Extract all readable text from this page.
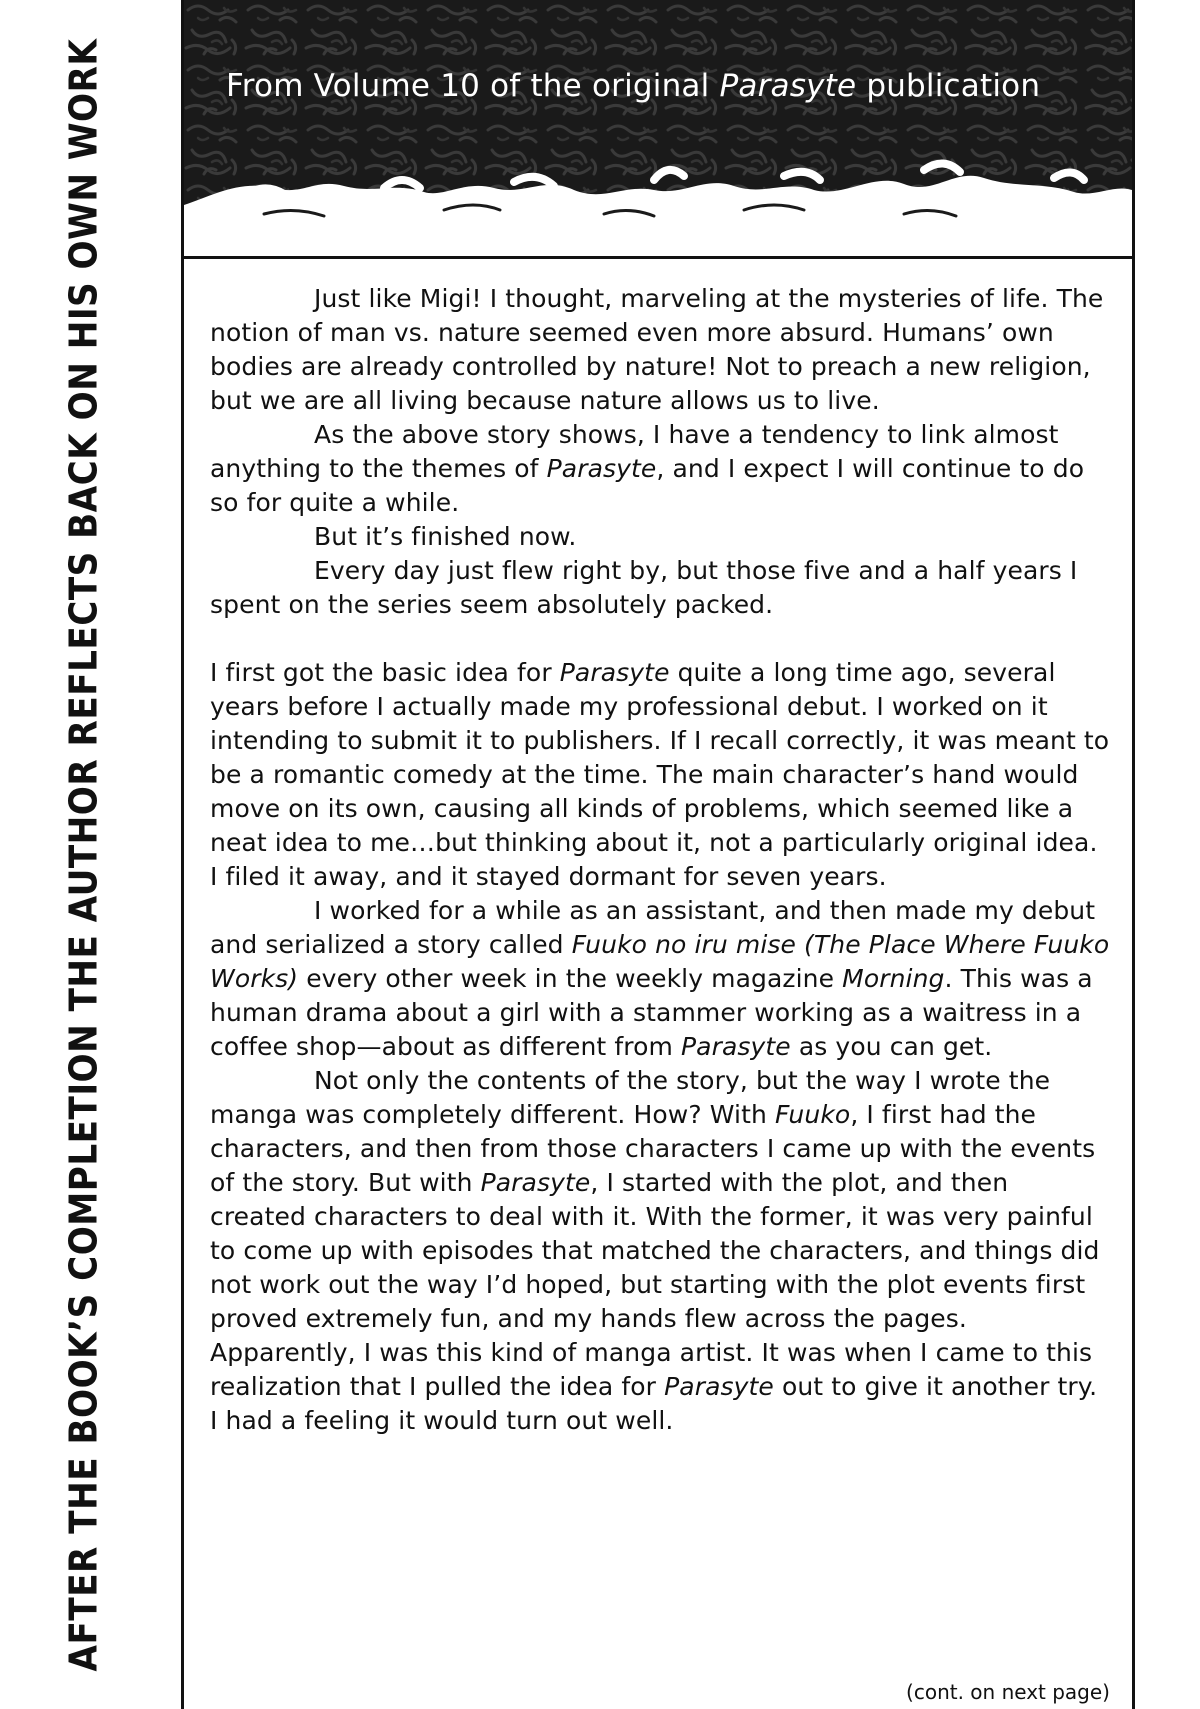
AFTER THE BOOK’S COMPLETION THE AUTHOR REFLECTS BACK ON HIS OWN WORK	From Volume 10 of the original Parasyte publication

Just like Migi! I thought, marveling at the mysteries of life. The notion of man vs. nature seemed even more absurd. Humans’ own bodies are already controlled by nature! Not to preach a new religion, but we are all living because nature allows us to live.

As the above story shows, I have a tendency to link almost anything to the themes of Parasyte, and I expect I will continue to do so for quite a while.

But it’s finished now.

Every day just flew right by, but those five and a half years I spent on the series seem absolutely packed.

I first got the basic idea for Parasyte quite a long time ago, several years before I actually made my professional debut. I worked on it intending to submit it to publishers. If I recall correctly, it was meant to be a romantic comedy at the time. The main character’s hand would move on its own, causing all kinds of problems, which seemed like a neat idea to me…but thinking about it, not a particularly original idea. I filed it away, and it stayed dormant for seven years.

I worked for a while as an assistant, and then made my debut and serialized a story called Fuuko no iru mise (The Place Where Fuuko Works) every other week in the weekly magazine Morning. This was a human drama about a girl with a stammer working as a waitress in a coffee shop—about as different from Parasyte as you can get.

Not only the contents of the story, but the way I wrote the manga was completely different. How? With Fuuko, I first had the characters, and then from those characters I came up with the events of the story. But with Parasyte, I started with the plot, and then created characters to deal with it. With the former, it was very painful to come up with episodes that matched the characters, and things did not work out the way I’d hoped, but starting with the plot events first proved extremely fun, and my hands flew across the pages. Apparently, I was this kind of manga artist. It was when I came to this realization that I pulled the idea for Parasyte out to give it another try. I had a feeling it would turn out well.

(cont. on next page)
